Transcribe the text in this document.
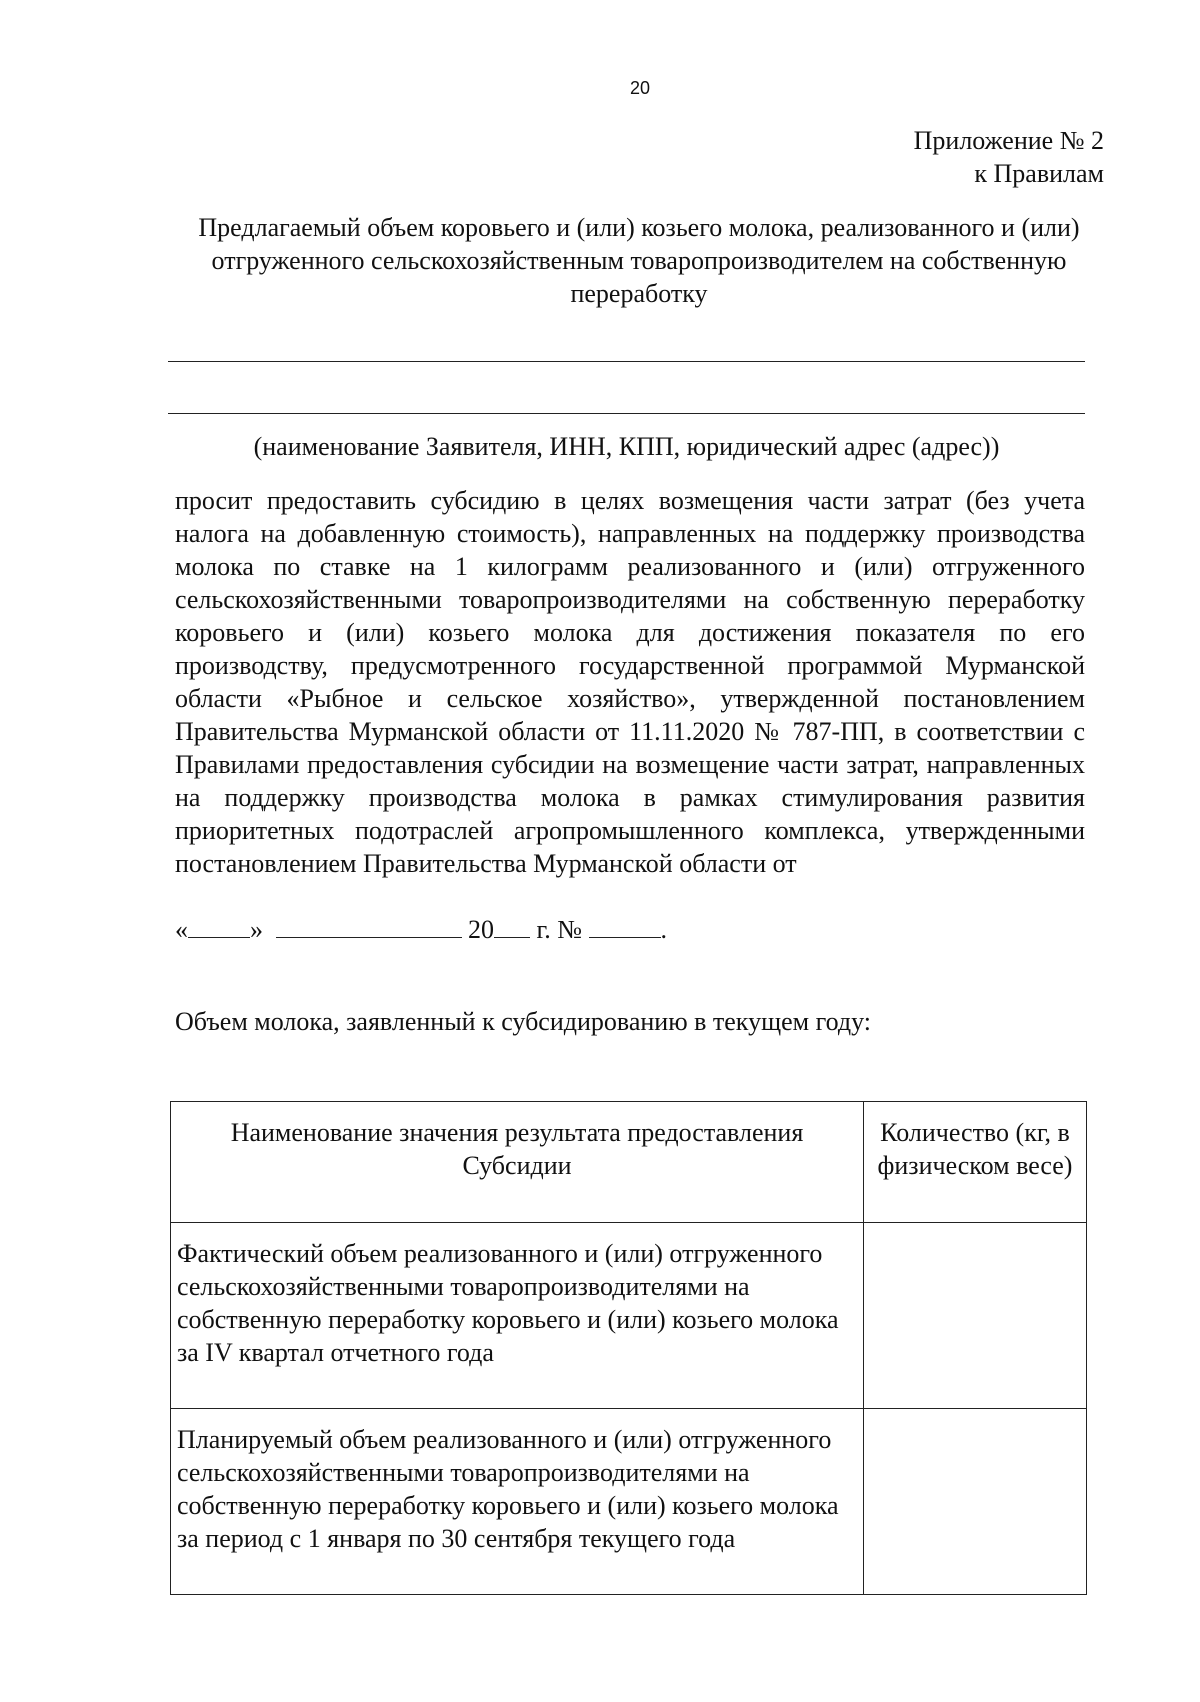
20
Приложение № 2
к Правилам
Предлагаемый объем коровьего и (или) козьего молока, реализованного и (или) отгруженного сельскохозяйственным товаропроизводителем на собственную переработку
(наименование Заявителя, ИНН, КПП, юридический адрес (адрес))
просит предоставить субсидию в целях возмещения части затрат (без учета налога на добавленную стоимость), направленных на поддержку производства молока по ставке на 1 килограмм реализованного и (или) отгруженного сельскохозяйственными товаропроизводителями на собственную переработку коровьего и (или) козьего молока для достижения показателя по его производству, предусмотренного государственной программой Мурманской области «Рыбное и сельское хозяйство», утвержденной постановлением Правительства Мурманской области от 11.11.2020 № 787-ПП, в соответствии с Правилами предоставления субсидии на возмещение части затрат, направленных на поддержку производства молока в рамках стимулирования развития приоритетных подотраслей агропромышленного комплекса, утвержденными постановлением Правительства Мурманской области от
« »	20 г. №	.
Объем молока, заявленный к субсидированию в текущем году:
Наименование значения результата предоставления Субсидии	Количество (кг, в физическом весе)
Фактический объем реализованного и (или) отгруженного сельскохозяйственными товаропроизводителями на собственную переработку коровьего и (или) козьего молока за IV квартал отчетного года	
Планируемый объем реализованного и (или) отгруженного сельскохозяйственными товаропроизводителями на собственную переработку коровьего и (или) козьего молока за период с 1 января по 30 сентября текущего года	
